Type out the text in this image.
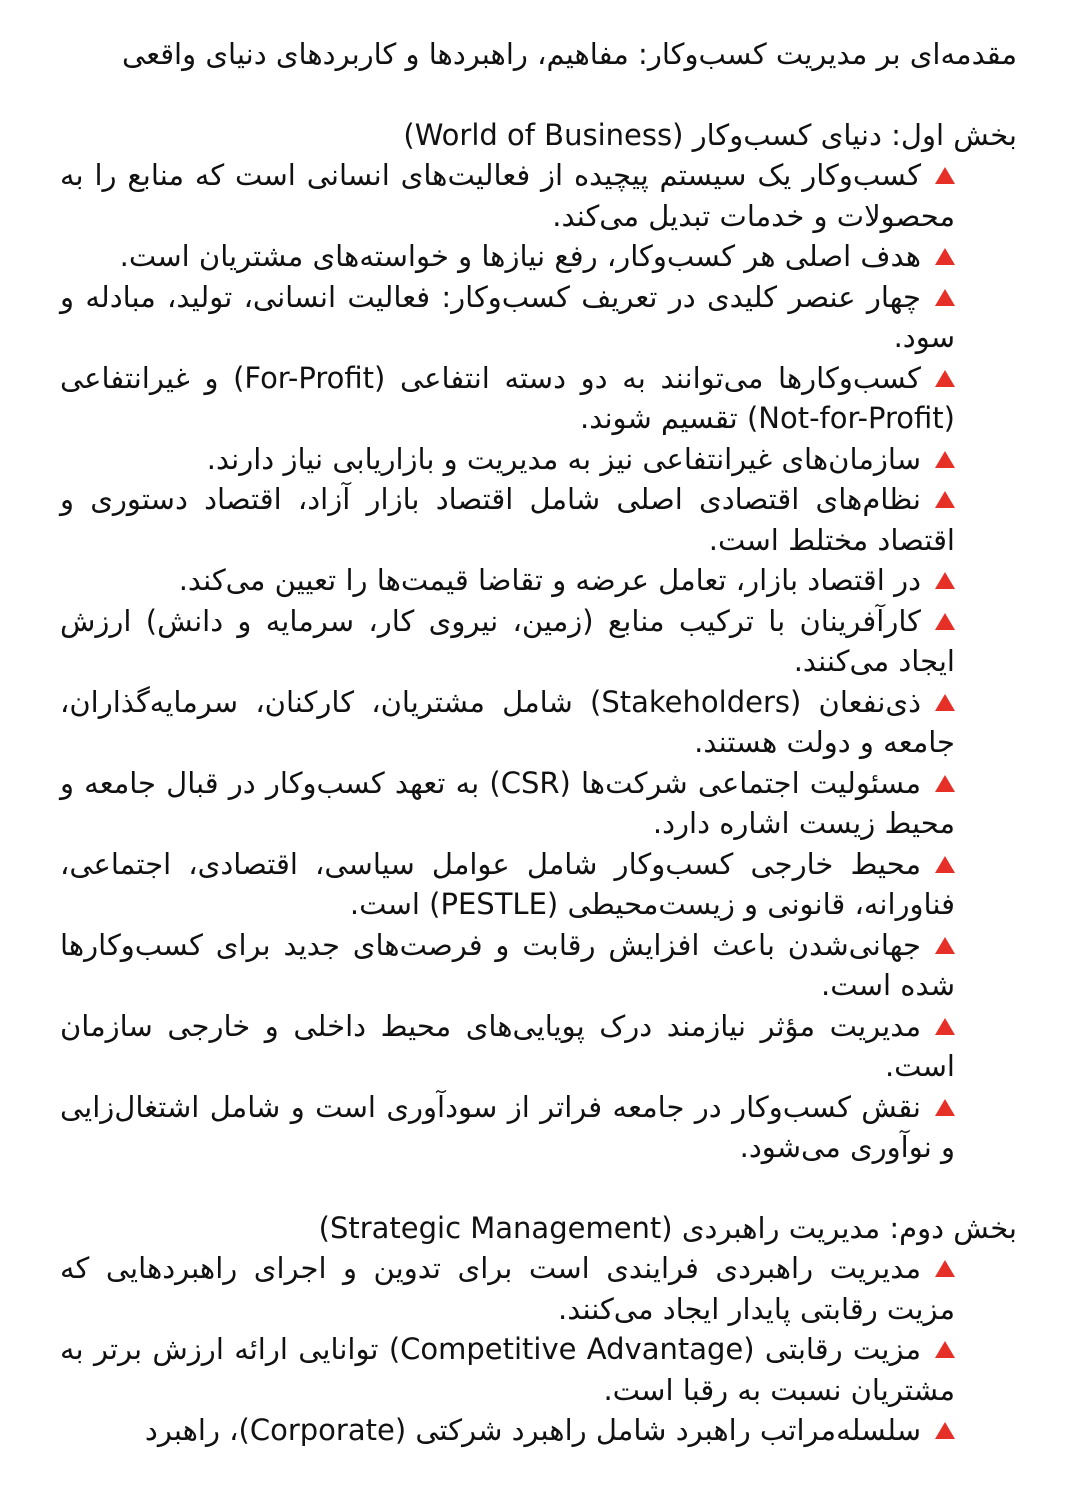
مقدمه‌ای بر مدیریت کسب‌وکار: مفاهیم، راهبردها و کاربردهای دنیای واقعی
بخش اول: دنیای کسب‌وکار (World of Business)
کسب‌وکار یک سیستم پیچیده از فعالیت‌های انسانی است که منابع را به محصولات و خدمات تبدیل می‌کند.
هدف اصلی هر کسب‌وکار، رفع نیازها و خواسته‌های مشتریان است.
چهار عنصر کلیدی در تعریف کسب‌وکار: فعالیت انسانی، تولید، مبادله و سود.
کسب‌وکارها می‌توانند به دو دسته انتفاعی (For-Profit) و غیرانتفاعی (Not-for-Profit) تقسیم شوند.
سازمان‌های غیرانتفاعی نیز به مدیریت و بازاریابی نیاز دارند.
نظام‌های اقتصادی اصلی شامل اقتصاد بازار آزاد، اقتصاد دستوری و اقتصاد مختلط است.
در اقتصاد بازار، تعامل عرضه و تقاضا قیمت‌ها را تعیین می‌کند.
کارآفرینان با ترکیب منابع (زمین، نیروی کار، سرمایه و دانش) ارزش ایجاد می‌کنند.
ذی‌نفعان (Stakeholders) شامل مشتریان، کارکنان، سرمایه‌گذاران، جامعه و دولت هستند.
مسئولیت اجتماعی شرکت‌ها (CSR) به تعهد کسب‌وکار در قبال جامعه و محیط زیست اشاره دارد.
محیط خارجی کسب‌وکار شامل عوامل سیاسی، اقتصادی، اجتماعی، فناورانه، قانونی و زیست‌محیطی (PESTLE) است.
جهانی‌شدن باعث افزایش رقابت و فرصت‌های جدید برای کسب‌وکارها شده است.
مدیریت مؤثر نیازمند درک پویایی‌های محیط داخلی و خارجی سازمان است.
نقش کسب‌وکار در جامعه فراتر از سودآوری است و شامل اشتغال‌زایی و نوآوری می‌شود.
بخش دوم: مدیریت راهبردی (Strategic Management)
مدیریت راهبردی فرایندی است برای تدوین و اجرای راهبردهایی که مزیت رقابتی پایدار ایجاد می‌کنند.
مزیت رقابتی (Competitive Advantage) توانایی ارائه ارزش برتر به مشتریان نسبت به رقبا است.
سلسله‌مراتب راهبرد شامل راهبرد شرکتی (Corporate)، راهبرد
